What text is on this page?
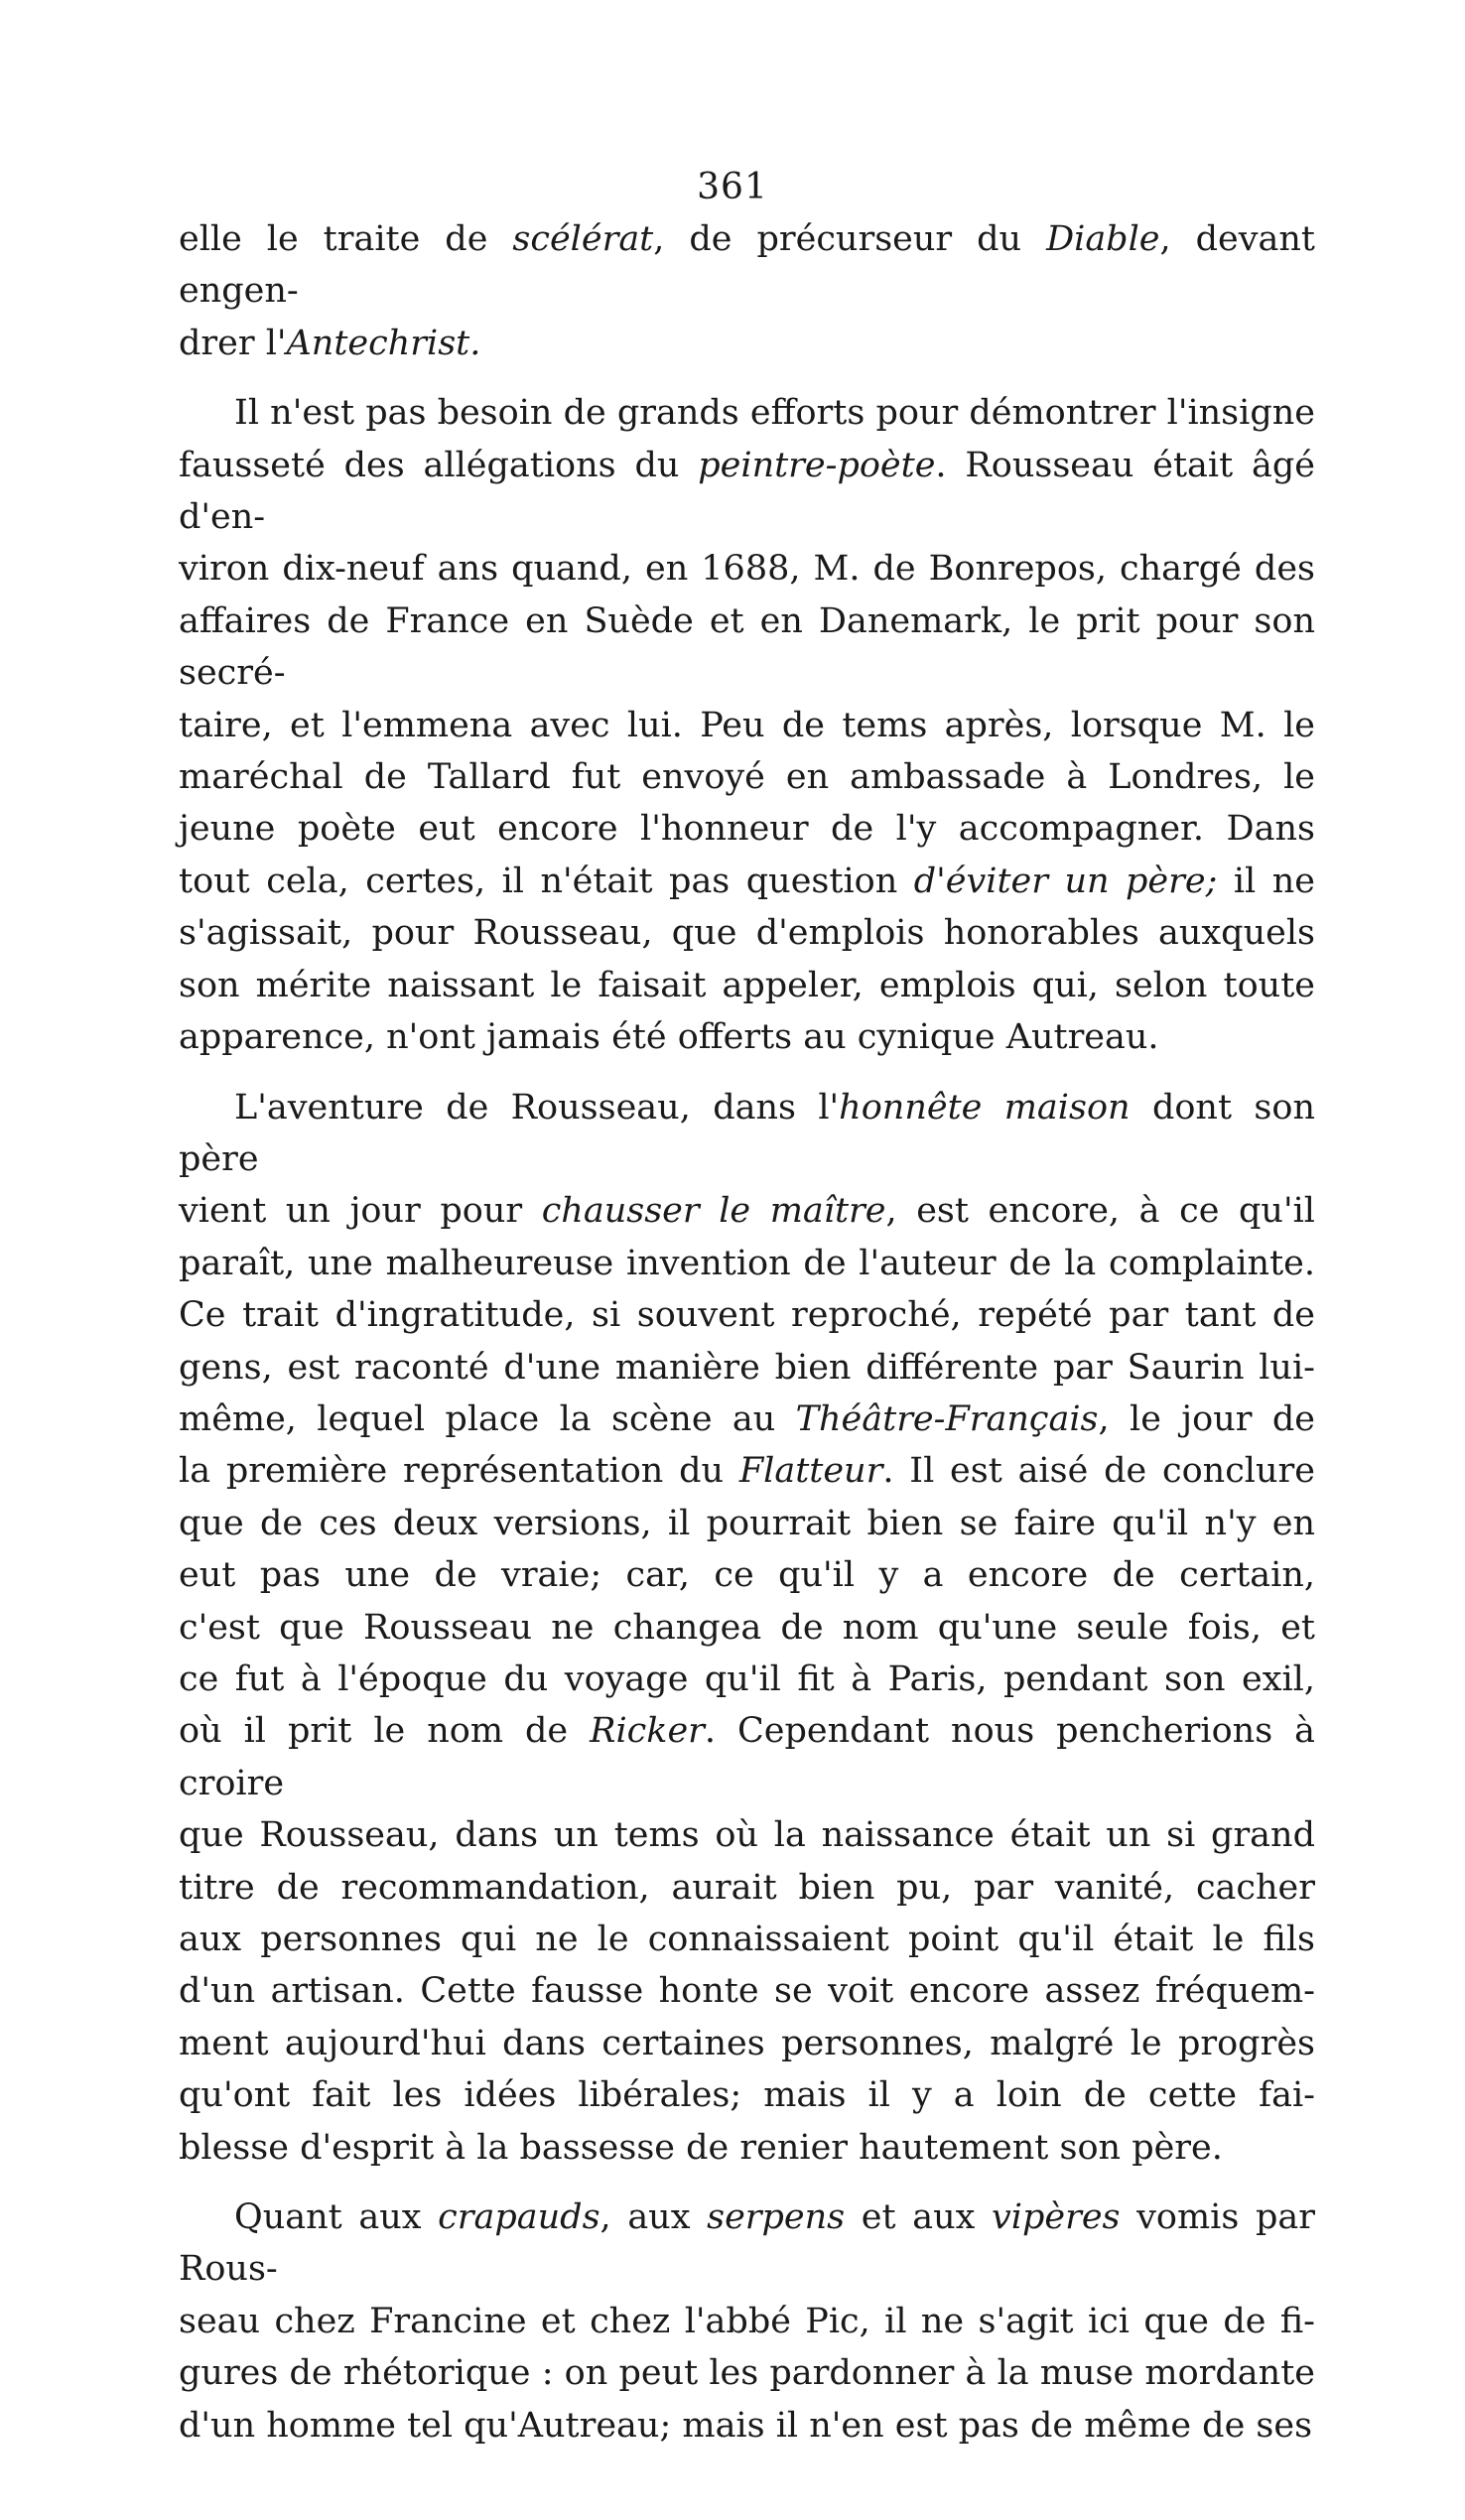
361

elle le traite de scélérat, de précurseur du Diable, devant engen-
drer l'Antechrist.

Il n'est pas besoin de grands efforts pour démontrer l'insigne
fausseté des allégations du peintre-poète. Rousseau était âgé d'en-
viron dix-neuf ans quand, en 1688, M. de Bonrepos, chargé des
affaires de France en Suède et en Danemark, le prit pour son secré-
taire, et l'emmena avec lui. Peu de tems après, lorsque M. le
maréchal de Tallard fut envoyé en ambassade à Londres, le
jeune poète eut encore l'honneur de l'y accompagner. Dans
tout cela, certes, il n'était pas question d'éviter un père; il ne
s'agissait, pour Rousseau, que d'emplois honorables auxquels
son mérite naissant le faisait appeler, emplois qui, selon toute
apparence, n'ont jamais été offerts au cynique Autreau.

L'aventure de Rousseau, dans l'honnête maison dont son père
vient un jour pour chausser le maître, est encore, à ce qu'il
paraît, une malheureuse invention de l'auteur de la complainte.
Ce trait d'ingratitude, si souvent reproché, repété par tant de
gens, est raconté d'une manière bien différente par Saurin lui-
même, lequel place la scène au Théâtre-Français, le jour de
la première représentation du Flatteur. Il est aisé de conclure
que de ces deux versions, il pourrait bien se faire qu'il n'y en
eut pas une de vraie; car, ce qu'il y a encore de certain,
c'est que Rousseau ne changea de nom qu'une seule fois, et
ce fut à l'époque du voyage qu'il fit à Paris, pendant son exil,
où il prit le nom de Ricker. Cependant nous pencherions à croire
que Rousseau, dans un tems où la naissance était un si grand
titre de recommandation, aurait bien pu, par vanité, cacher
aux personnes qui ne le connaissaient point qu'il était le fils
d'un artisan. Cette fausse honte se voit encore assez fréquem-
ment aujourd'hui dans certaines personnes, malgré le progrès
qu'ont fait les idées libérales; mais il y a loin de cette fai-
blesse d'esprit à la bassesse de renier hautement son père.

Quant aux crapauds, aux serpens et aux vipères vomis par Rous-
seau chez Francine et chez l'abbé Pic, il ne s'agit ici que de fi-
gures de rhétorique : on peut les pardonner à la muse mordante
d'un homme tel qu'Autreau; mais il n'en est pas de même de ses
